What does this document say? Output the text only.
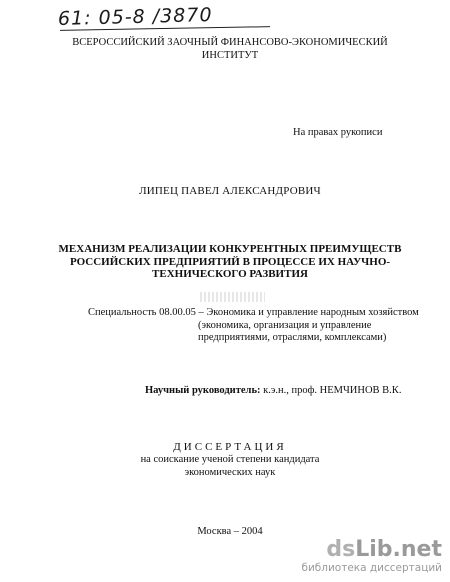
61: 05-8 /3870
ВСЕРОССИЙСКИЙ ЗАОЧНЫЙ ФИНАНСОВО-ЭКОНОМИЧЕСКИЙ
ИНСТИТУТ
На правах рукописи
ЛИПЕЦ ПАВЕЛ АЛЕКСАНДРОВИЧ
МЕХАНИЗМ РЕАЛИЗАЦИИ КОНКУРЕНТНЫХ ПРЕИМУЩЕСТВ
РОССИЙСКИХ ПРЕДПРИЯТИЙ В ПРОЦЕССЕ ИХ НАУЧНО-
ТЕХНИЧЕСКОГО РАЗВИТИЯ
Специальность 08.00.05 – Экономика и управление народным хозяйством
(экономика, организация и управление
предприятиями, отраслями, комплексами)
Научный руководитель: к.э.н., проф. НЕМЧИНОВ В.К.
ДИССЕРТАЦИЯ
на соискание ученой степени кандидата
экономических наук
Москва – 2004
dsLib.net
библиотека диссертаций
